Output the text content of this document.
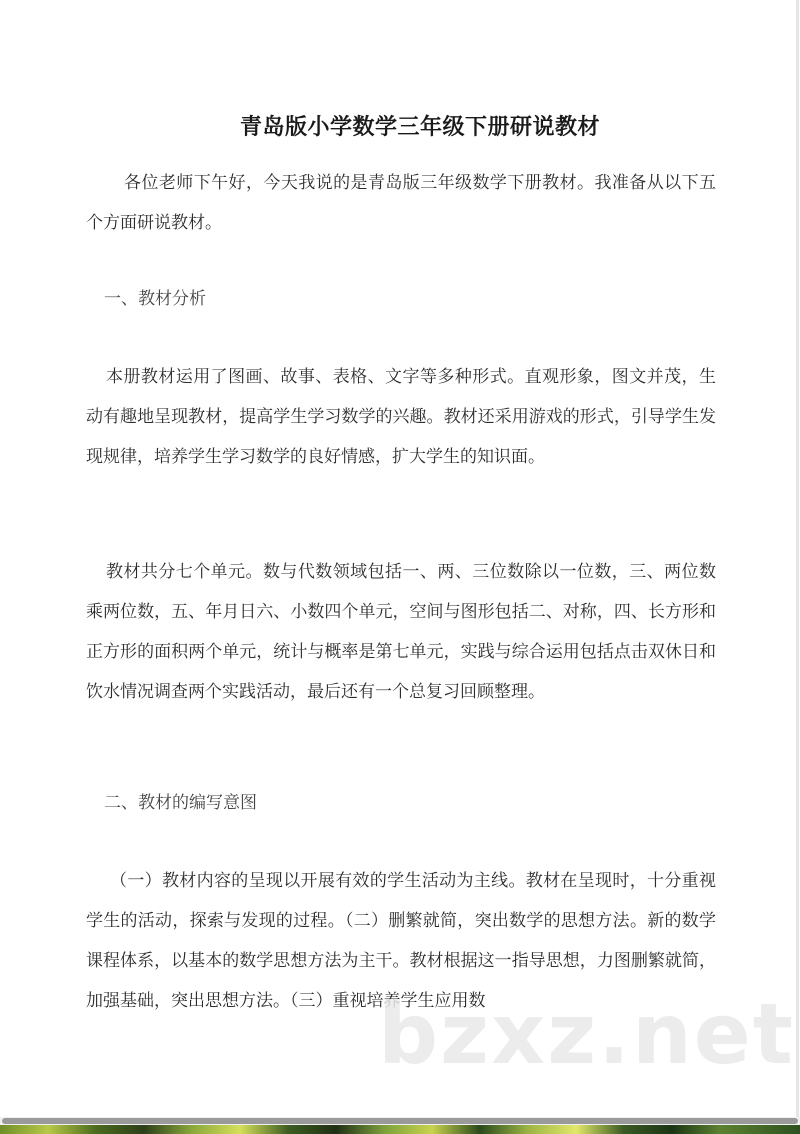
青岛版小学数学三年级下册研说教材

各位老师下午好，今天我说的是青岛版三年级数学下册教材。我准备从以下五个方面研说教材。

一、教材分析

本册教材运用了图画、故事、表格、文字等多种形式。直观形象，图文并茂，生动有趣地呈现教材，提高学生学习数学的兴趣。教材还采用游戏的形式，引导学生发现规律，培养学生学习数学的良好情感，扩大学生的知识面。

教材共分七个单元。数与代数领域包括一、两、三位数除以一位数，三、两位数乘两位数，五、年月日六、小数四个单元，空间与图形包括二、对称，四、长方形和正方形的面积两个单元，统计与概率是第七单元，实践与综合运用包括点击双休日和饮水情况调查两个实践活动，最后还有一个总复习回顾整理。

二、教材的编写意图

（一）教材内容的呈现以开展有效的学生活动为主线。教材在呈现时，十分重视学生的活动，探索与发现的过程。（二）删繁就简，突出数学的思想方法。新的数学课程体系，以基本的数学思想方法为主干。教材根据这一指导思想，力图删繁就简，加强基础，突出思想方法。（三）重视培养学生应用数

bzxz.net
